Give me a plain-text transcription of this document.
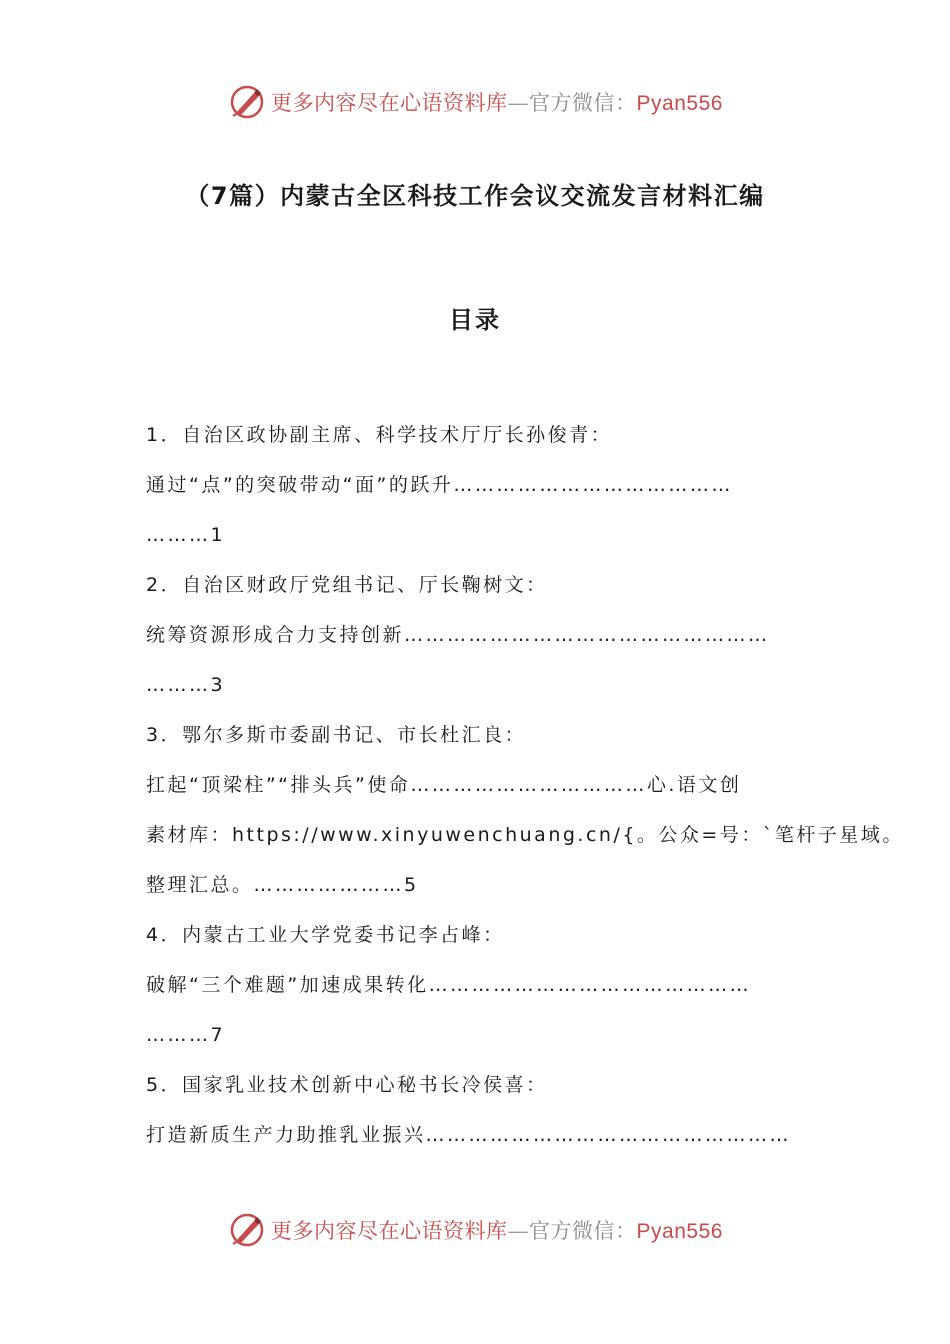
更多内容尽在心语资料库—官方微信：Pyan556
（7篇）内蒙古全区科技工作会议交流发言材料汇编
目录
1．自治区政协副主席、科学技术厅厅长孙俊青：
通过“点”的突破带动“面”的跃升…………………………………
………1
2．自治区财政厅党组书记、厅长鞠树文：
统筹资源形成合力支持创新……………………………………………
………3
3．鄂尔多斯市委副书记、市长杜汇良：
扛起“顶梁柱”“排头兵”使命……………………………心.语文创
素材库：https://www.xinyuwenchuang.cn/{。公众=号：`笔杆子星域。
整理汇总。…………………5
4．内蒙古工业大学党委书记李占峰：
破解“三个难题”加速成果转化………………………………………
………7
5．国家乳业技术创新中心秘书长冷侯喜：
打造新质生产力助推乳业振兴……………………………………………
更多内容尽在心语资料库—官方微信：Pyan556
